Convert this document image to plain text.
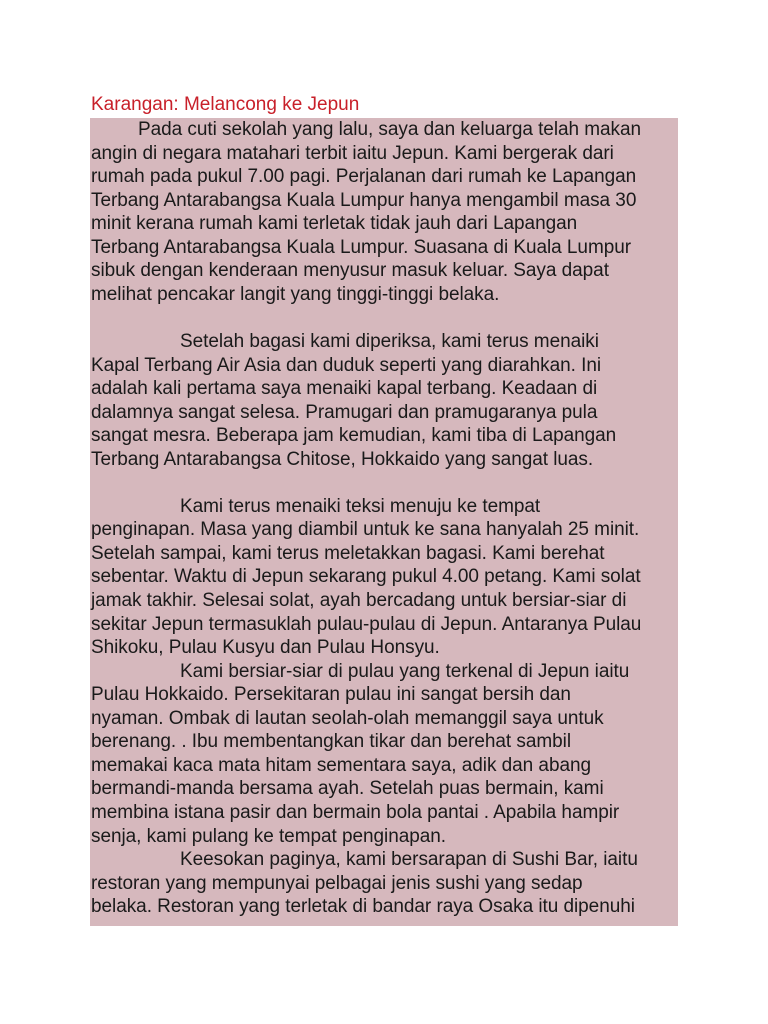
Karangan: Melancong ke Jepun
Pada cuti sekolah yang lalu, saya dan keluarga telah makan
angin di negara matahari terbit iaitu Jepun. Kami bergerak dari
rumah pada pukul 7.00 pagi. Perjalanan dari rumah ke Lapangan
Terbang Antarabangsa Kuala Lumpur hanya mengambil masa 30
minit kerana rumah kami terletak tidak jauh dari Lapangan
Terbang Antarabangsa Kuala Lumpur. Suasana di Kuala Lumpur
sibuk dengan kenderaan menyusur masuk keluar. Saya dapat
melihat pencakar langit yang tinggi-tinggi belaka.
Setelah bagasi kami diperiksa, kami terus menaiki
Kapal Terbang Air Asia dan duduk seperti yang diarahkan. Ini
adalah kali pertama saya menaiki kapal terbang. Keadaan di
dalamnya sangat selesa. Pramugari dan pramugaranya pula
sangat mesra. Beberapa jam kemudian, kami tiba di Lapangan
Terbang Antarabangsa Chitose, Hokkaido yang sangat luas.
Kami terus menaiki teksi menuju ke tempat
penginapan. Masa yang diambil untuk ke sana hanyalah 25 minit.
Setelah sampai, kami terus meletakkan bagasi. Kami berehat
sebentar. Waktu di Jepun sekarang pukul 4.00 petang. Kami solat
jamak takhir. Selesai solat, ayah bercadang untuk bersiar-siar di
sekitar Jepun termasuklah pulau-pulau di Jepun. Antaranya Pulau
Shikoku, Pulau Kusyu dan Pulau Honsyu.
Kami bersiar-siar di pulau yang terkenal di Jepun iaitu
Pulau Hokkaido. Persekitaran pulau ini sangat bersih dan
nyaman. Ombak di lautan seolah-olah memanggil saya untuk
berenang. . Ibu membentangkan tikar dan berehat sambil
memakai kaca mata hitam sementara saya, adik dan abang
bermandi-manda bersama ayah. Setelah puas bermain, kami
membina istana pasir dan bermain bola pantai . Apabila hampir
senja, kami pulang ke tempat penginapan.
Keesokan paginya, kami bersarapan di Sushi Bar, iaitu
restoran yang mempunyai pelbagai jenis sushi yang sedap
belaka. Restoran yang terletak di bandar raya Osaka itu dipenuhi
